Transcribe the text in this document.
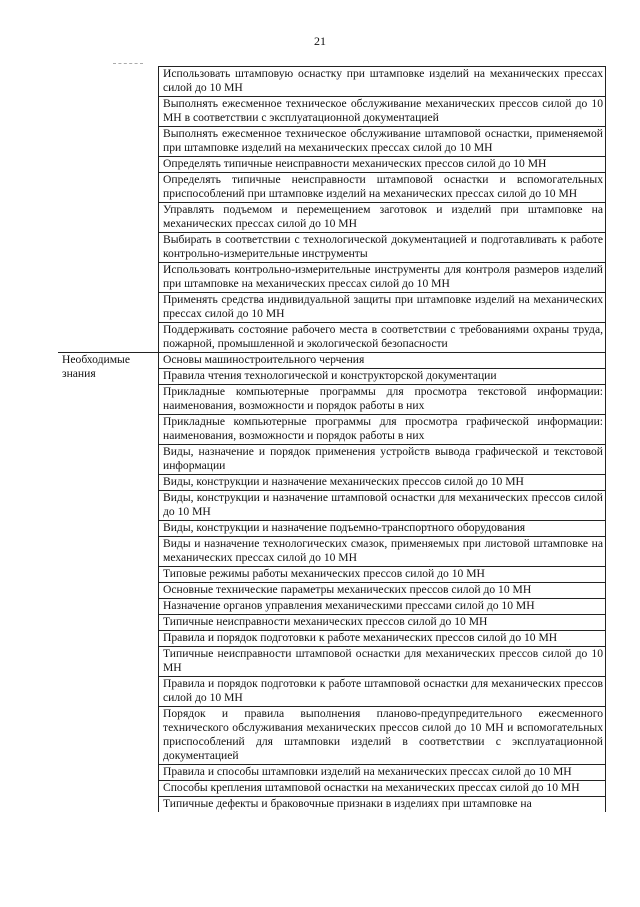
21
	Использовать штамповую оснастку при штамповке изделий на механических прессах силой до 10 МН
	Выполнять ежесменное техническое обслуживание механических прессов силой до 10 МН в соответствии с эксплуатационной документацией
	Выполнять ежесменное техническое обслуживание штамповой оснастки, применяемой при штамповке изделий на механических прессах силой до 10 МН
	Определять типичные неисправности механических прессов силой до 10 МН
	Определять типичные неисправности штамповой оснастки и вспомогательных приспособлений при штамповке изделий на механических прессах силой до 10 МН
	Управлять подъемом и перемещением заготовок и изделий при штамповке на механических прессах силой до 10 МН
	Выбирать в соответствии с технологической документацией и подготавливать к работе контрольно-измерительные инструменты
	Использовать контрольно-измерительные инструменты для контроля размеров изделий при штамповке на механических прессах силой до 10 МН
	Применять средства индивидуальной защиты при штамповке изделий на механических прессах силой до 10 МН
	Поддерживать состояние рабочего места в соответствии с требованиями охраны труда, пожарной, промышленной и экологической безопасности
Необходимые знания	Основы машиностроительного черчения
	Правила чтения технологической и конструкторской документации
	Прикладные компьютерные программы для просмотра текстовой информации: наименования, возможности и порядок работы в них
	Прикладные компьютерные программы для просмотра графической информации: наименования, возможности и порядок работы в них
	Виды, назначение и порядок применения устройств вывода графической и текстовой информации
	Виды, конструкции и назначение механических прессов силой до 10 МН
	Виды, конструкции и назначение штамповой оснастки для механических прессов силой до 10 МН
	Виды, конструкции и назначение подъемно-транспортного оборудования
	Виды и назначение технологических смазок, применяемых при листовой штамповке на механических прессах силой до 10 МН
	Типовые режимы работы механических прессов силой до 10 МН
	Основные технические параметры механических прессов силой до 10 МН
	Назначение органов управления механическими прессами силой до 10 МН
	Типичные неисправности механических прессов силой до 10 МН
	Правила и порядок подготовки к работе механических прессов силой до 10 МН
	Типичные неисправности штамповой оснастки для механических прессов силой до 10 МН
	Правила и порядок подготовки к работе штамповой оснастки для механических прессов силой до 10 МН
	Порядок и правила выполнения планово-предупредительного ежесменного технического обслуживания механических прессов силой до 10 МН и вспомогательных приспособлений для штамповки изделий в соответствии с эксплуатационной документацией
	Правила и способы штамповки изделий на механических прессах силой до 10 МН
	Способы крепления штамповой оснастки на механических прессах силой до 10 МН
	Типичные дефекты и браковочные признаки в изделиях при штамповке на
